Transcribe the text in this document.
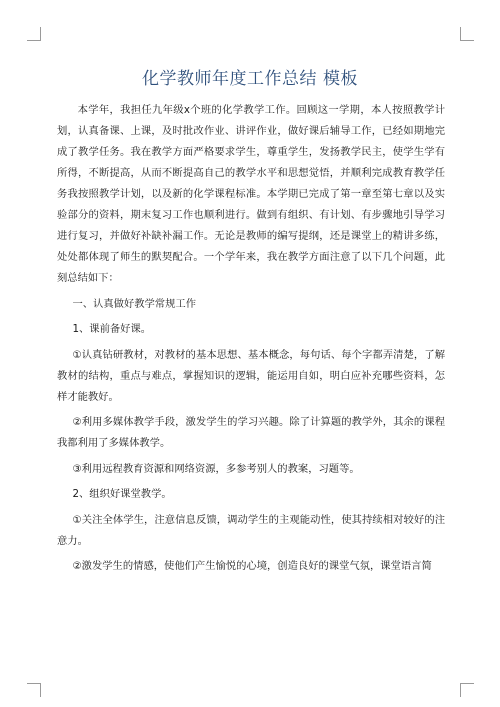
化学教师年度工作总结 模板

本学年，我担任九年级x个班的化学教学工作。回顾这一学期，本人按照教学计划，认真备课、上课，及时批改作业、讲评作业，做好课后辅导工作，已经如期地完成了教学任务。我在教学方面严格要求学生，尊重学生，发扬教学民主，使学生学有所得，不断提高，从而不断提高自己的教学水平和思想觉悟，并顺利完成教育教学任务我按照教学计划，以及新的化学课程标准。本学期已完成了第一章至第七章以及实验部分的资料，期末复习工作也顺利进行。做到有组织、有计划、有步骤地引导学习进行复习，并做好补缺补漏工作。无论是教师的编写提纲，还是课堂上的精讲多练，处处都体现了师生的默契配合。一个学年来，我在教学方面注意了以下几个问题，此刻总结如下：

一、认真做好教学常规工作

1、课前备好课。

①认真钻研教材，对教材的基本思想、基本概念，每句话、每个字都弄清楚，了解教材的结构，重点与难点，掌握知识的逻辑，能运用自如，明白应补充哪些资料，怎样才能教好。

②利用多媒体教学手段，激发学生的学习兴趣。除了计算题的教学外，其余的课程我都利用了多媒体教学。

③利用远程教育资源和网络资源，多参考别人的教案，习题等。

2、组织好课堂教学。

①关注全体学生，注意信息反馈，调动学生的主观能动性，使其持续相对较好的注意力。

②激发学生的情感，使他们产生愉悦的心境，创造良好的课堂气氛，课堂语言简
